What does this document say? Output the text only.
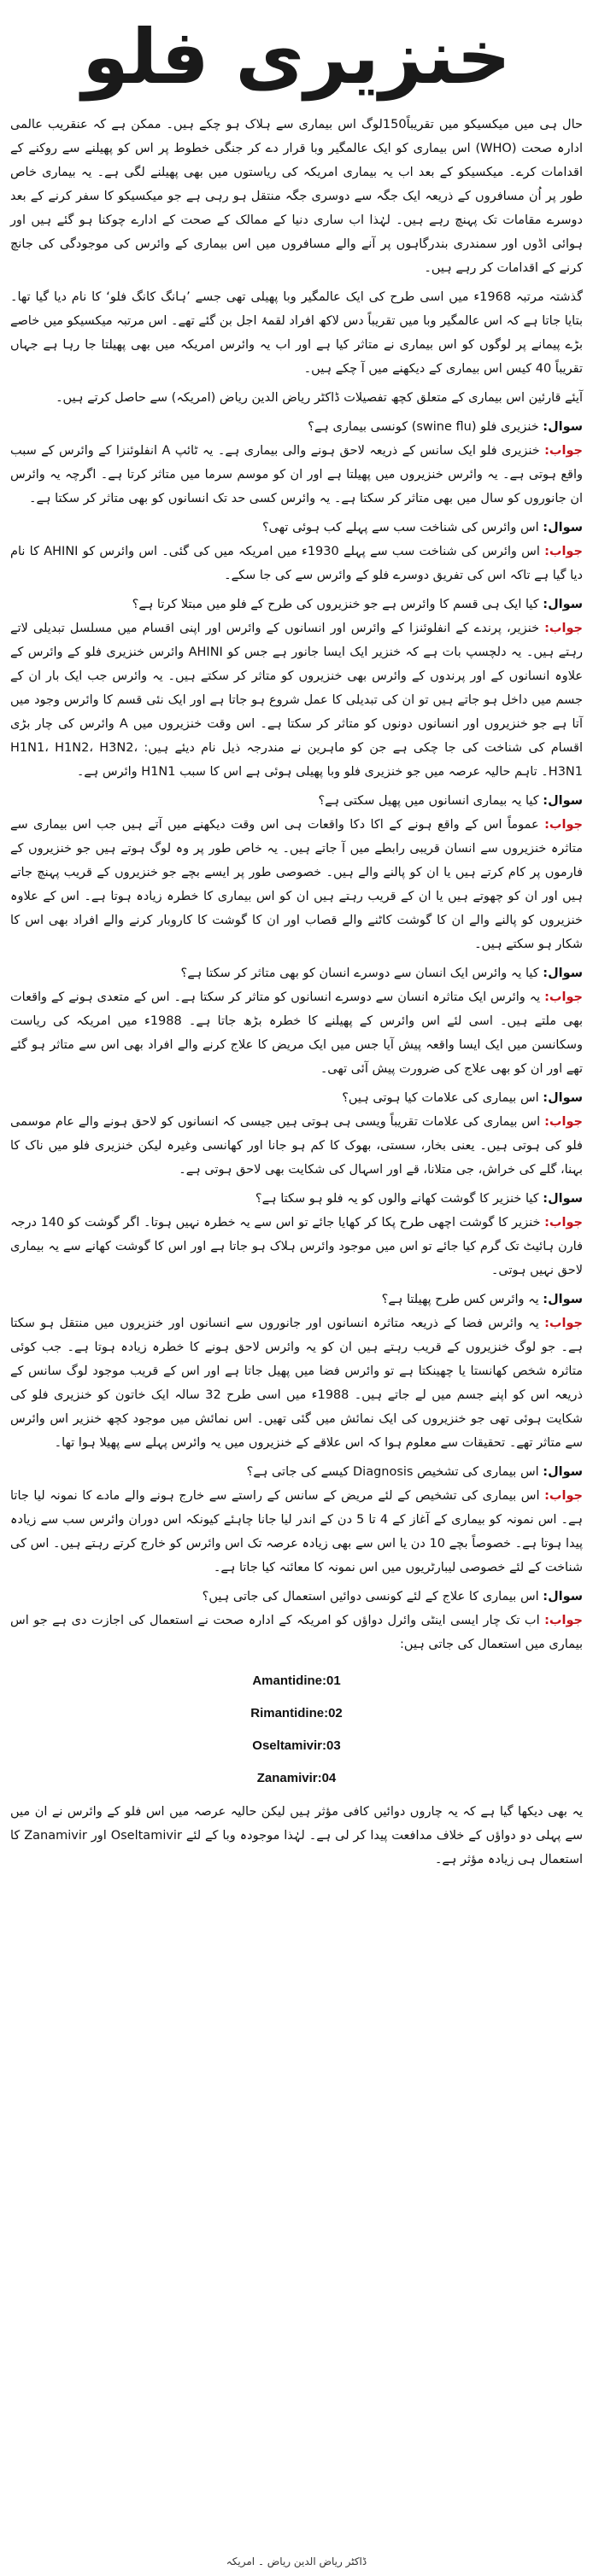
خنزیری فلو

حال ہی میں میکسیکو میں تقریباً150لوگ اس بیماری سے ہلاک ہو چکے ہیں۔ ممکن ہے کہ عنقریب عالمی ادارہ صحت (WHO) اس بیماری کو ایک عالمگیر وبا قرار دے کر جنگی خطوط پر اس کو پھیلنے سے روکنے کے اقدامات کرے۔ میکسیکو کے بعد اب یہ بیماری امریکہ کی ریاستوں میں بھی پھیلنے لگی ہے۔ یہ بیماری خاص طور پر اُن مسافروں کے ذریعہ ایک جگہ سے دوسری جگہ منتقل ہو رہی ہے جو میکسیکو کا سفر کرنے کے بعد دوسرے مقامات تک پہنچ رہے ہیں۔ لہٰذا اب ساری دنیا کے ممالک کے صحت کے ادارے چوکنا ہو گئے ہیں اور ہوائی اڈوں اور سمندری بندرگاہوں پر آنے والے مسافروں میں اس بیماری کے وائرس کی موجودگی کی جانچ کرنے کے اقدامات کر رہے ہیں۔

گذشتہ مرتبہ 1968ء میں اسی طرح کی ایک عالمگیر وبا پھیلی تھی جسے ’ہانگ کانگ فلو‘ کا نام دیا گیا تھا۔ بتایا جاتا ہے کہ اس عالمگیر وبا میں تقریباً دس لاکھ افراد لقمۂ اجل بن گئے تھے۔ اس مرتبہ میکسیکو میں خاصے بڑے پیمانے پر لوگوں کو اس بیماری نے متاثر کیا ہے اور اب یہ وائرس امریکہ میں بھی پھیلتا جا رہا ہے جہاں تقریباً 40 کیس اس بیماری کے دیکھنے میں آ چکے ہیں۔

آیئے قارئین اس بیماری کے متعلق کچھ تفصیلات ڈاکٹر ریاض الدین ریاض (امریکہ) سے حاصل کرتے ہیں۔

سوال: خنزیری فلو (swine flu) کونسی بیماری ہے؟

جواب: خنزیری فلو ایک سانس کے ذریعہ لاحق ہونے والی بیماری ہے۔ یہ ٹائپ A انفلوئنزا کے وائرس کے سبب واقع ہوتی ہے۔ یہ وائرس خنزیروں میں پھیلتا ہے اور ان کو موسم سرما میں متاثر کرتا ہے۔ اگرچہ یہ وائرس ان جانوروں کو سال میں بھی متاثر کر سکتا ہے۔ یہ وائرس کسی حد تک انسانوں کو بھی متاثر کر سکتا ہے۔

سوال: اس وائرس کی شناخت سب سے پہلے کب ہوئی تھی؟

جواب: اس وائرس کی شناخت سب سے پہلے 1930ء میں امریکہ میں کی گئی۔ اس وائرس کو AHINI کا نام دیا گیا ہے تاکہ اس کی تفریق دوسرے فلو کے وائرس سے کی جا سکے۔

سوال: کیا ایک ہی قسم کا وائرس ہے جو خنزیروں کی طرح کے فلو میں مبتلا کرتا ہے؟

جواب: خنزیر، پرندے کے انفلوئنزا کے وائرس اور انسانوں کے وائرس اور اپنی اقسام میں مسلسل تبدیلی لاتے رہتے ہیں۔ یہ دلچسپ بات ہے کہ خنزیر ایک ایسا جانور ہے جس کو AHINI وائرس خنزیری فلو کے وائرس کے علاوہ انسانوں کے اور پرندوں کے وائرس بھی خنزیروں کو متاثر کر سکتے ہیں۔ یہ وائرس جب ایک بار ان کے جسم میں داخل ہو جاتے ہیں تو ان کی تبدیلی کا عمل شروع ہو جاتا ہے اور ایک نئی قسم کا وائرس وجود میں آتا ہے جو خنزیروں اور انسانوں دونوں کو متاثر کر سکتا ہے۔ اس وقت خنزیروں میں A وائرس کی چار بڑی اقسام کی شناخت کی جا چکی ہے جن کو ماہرین نے مندرجہ ذیل نام دیئے ہیں: H1N1، H1N2، H3N2، H3N1۔ تاہم حالیہ عرصہ میں جو خنزیری فلو وبا پھیلی ہوئی ہے اس کا سبب H1N1 وائرس ہے۔

سوال: کیا یہ بیماری انسانوں میں پھیل سکتی ہے؟

جواب: عموماً اس کے واقع ہونے کے اکا دکا واقعات ہی اس وقت دیکھنے میں آتے ہیں جب اس بیماری سے متاثرہ خنزیروں سے انسان قریبی رابطے میں آ جاتے ہیں۔ یہ خاص طور پر وہ لوگ ہوتے ہیں جو خنزیروں کے فارموں پر کام کرتے ہیں یا ان کو پالنے والے ہیں۔ خصوصی طور پر ایسے بچے جو خنزیروں کے قریب پہنچ جاتے ہیں اور ان کو چھوتے ہیں یا ان کے قریب رہتے ہیں ان کو اس بیماری کا خطرہ زیادہ ہوتا ہے۔ اس کے علاوہ خنزیروں کو پالنے والے ان کا گوشت کاٹنے والے قصاب اور ان کا گوشت کا کاروبار کرنے والے افراد بھی اس کا شکار ہو سکتے ہیں۔

سوال: کیا یہ وائرس ایک انسان سے دوسرے انسان کو بھی متاثر کر سکتا ہے؟

جواب: یہ وائرس ایک متاثرہ انسان سے دوسرے انسانوں کو متاثر کر سکتا ہے۔ اس کے متعدی ہونے کے واقعات بھی ملتے ہیں۔ اسی لئے اس وائرس کے پھیلنے کا خطرہ بڑھ جاتا ہے۔ 1988ء میں امریکہ کی ریاست وسکانسن میں ایک ایسا واقعہ پیش آیا جس میں ایک مریض کا علاج کرنے والے افراد بھی اس سے متاثر ہو گئے تھے اور ان کو بھی علاج کی ضرورت پیش آئی تھی۔

سوال: اس بیماری کی علامات کیا ہوتی ہیں؟

جواب: اس بیماری کی علامات تقریباً ویسی ہی ہوتی ہیں جیسی کہ انسانوں کو لاحق ہونے والے عام موسمی فلو کی ہوتی ہیں۔ یعنی بخار، سستی، بھوک کا کم ہو جانا اور کھانسی وغیرہ لیکن خنزیری فلو میں ناک کا بہنا، گلے کی خراش، جی متلانا، قے اور اسہال کی شکایت بھی لاحق ہوتی ہے۔

سوال: کیا خنزیر کا گوشت کھانے والوں کو یہ فلو ہو سکتا ہے؟

جواب: خنزیر کا گوشت اچھی طرح پکا کر کھایا جائے تو اس سے یہ خطرہ نہیں ہوتا۔ اگر گوشت کو 140 درجہ فارن ہائیٹ تک گرم کیا جائے تو اس میں موجود وائرس ہلاک ہو جاتا ہے اور اس کا گوشت کھانے سے یہ بیماری لاحق نہیں ہوتی۔

سوال: یہ وائرس کس طرح پھیلتا ہے؟

جواب: یہ وائرس فضا کے ذریعہ متاثرہ انسانوں اور جانوروں سے انسانوں اور خنزیروں میں منتقل ہو سکتا ہے۔ جو لوگ خنزیروں کے قریب رہتے ہیں ان کو یہ وائرس لاحق ہونے کا خطرہ زیادہ ہوتا ہے۔ جب کوئی متاثرہ شخص کھانستا یا چھینکتا ہے تو وائرس فضا میں پھیل جاتا ہے اور اس کے قریب موجود لوگ سانس کے ذریعہ اس کو اپنے جسم میں لے جاتے ہیں۔ 1988ء میں اسی طرح 32 سالہ ایک خاتون کو خنزیری فلو کی شکایت ہوئی تھی جو خنزیروں کی ایک نمائش میں گئی تھیں۔ اس نمائش میں موجود کچھ خنزیر اس وائرس سے متاثر تھے۔ تحقیقات سے معلوم ہوا کہ اس علاقے کے خنزیروں میں یہ وائرس پہلے سے پھیلا ہوا تھا۔

سوال: اس بیماری کی تشخیص Diagnosis کیسے کی جاتی ہے؟

جواب: اس بیماری کی تشخیص کے لئے مریض کے سانس کے راستے سے خارج ہونے والے مادے کا نمونہ لیا جاتا ہے۔ اس نمونہ کو بیماری کے آغاز کے 4 تا 5 دن کے اندر لیا جانا چاہئے کیونکہ اس دوران وائرس سب سے زیادہ پیدا ہوتا ہے۔ خصوصاً بچے 10 دن یا اس سے بھی زیادہ عرصہ تک اس وائرس کو خارج کرتے رہتے ہیں۔ اس کی شناخت کے لئے خصوصی لیبارٹریوں میں اس نمونہ کا معائنہ کیا جاتا ہے۔

سوال: اس بیماری کا علاج کے لئے کونسی دوائیں استعمال کی جاتی ہیں؟

جواب: اب تک چار ایسی اینٹی وائرل دواؤں کو امریکہ کے ادارہ صحت نے استعمال کی اجازت دی ہے جو اس بیماری میں استعمال کی جاتی ہیں:

Amantidine:01
Rimantidine:02
Oseltamivir:03
Zanamivir:04

یہ بھی دیکھا گیا ہے کہ یہ چاروں دوائیں کافی مؤثر ہیں لیکن حالیہ عرصہ میں اس فلو کے وائرس نے ان میں سے پہلی دو دواؤں کے خلاف مدافعت پیدا کر لی ہے۔ لہٰذا موجودہ وبا کے لئے Oseltamivir اور Zanamivir کا استعمال ہی زیادہ مؤثر ہے۔

ڈاکٹر ریاض الدین ریاض ۔ امریکہ
